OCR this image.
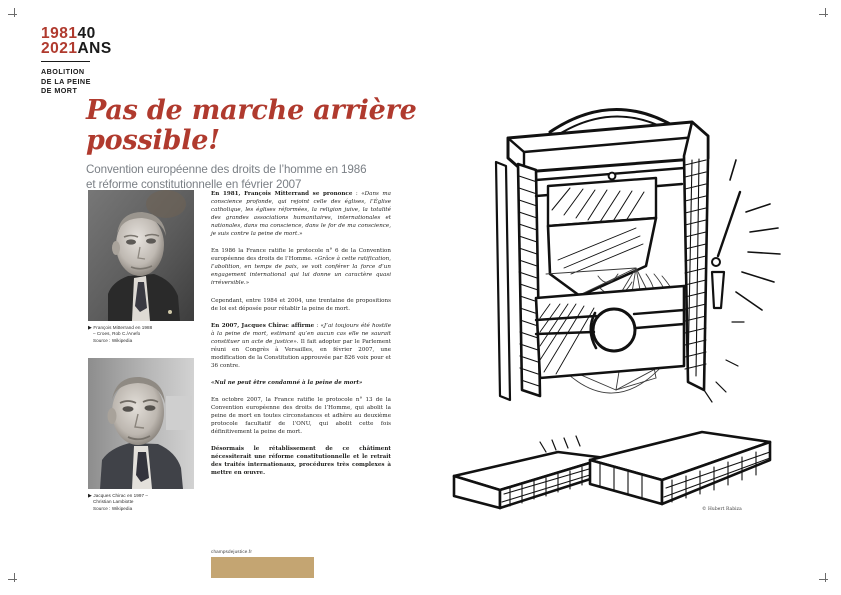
198140
2021ANS
ABOLITION
DE LA PEINE
DE MORT
Pas de marche arrière possible!
Convention européenne des droits de l’homme en 1986
et réforme constitutionnelle en février 2007
▶ François Mitterrand en 1988
– Croes, Rob C./Anefo
Source : Wikipedia
▶ Jacques Chirac en 1997 –
Christian Lambiotte
Source : Wikipedia

En 1981, François Mitterrand se prononce : «Dans ma conscience profonde, qui rejoint celle des églises, l’Église catholique, les églises réformées, la religion juive, la totalité des grandes associations humanitaires, internationales et nationales, dans ma conscience, dans le for de ma conscience, je suis contre la peine de mort.»

En 1986 la France ratifie le protocole n° 6 de la Convention européenne des droits de l’Homme. «Grâce à cette ratification, l’abolition, en temps de paix, se voit conférer la force d’un engagement international qui lui donne un caractère quasi irréversible.»

Cependant, entre 1984 et 2004, une trentaine de propositions de loi est déposée pour rétablir la peine de mort.

En 2007, Jacques Chirac affirme : «J’ai toujours été hostile à la peine de mort, estimant qu’en aucun cas elle ne saurait constituer un acte de justice». Il fait adopter par le Parlement réuni en Congrès à Versailles, en février 2007, une modification de la Constitution approuvée par 826 voix pour et 36 contre.

«Nul ne peut être condamné à la peine de mort»

En octobre 2007, la France ratifie le protocole n° 13 de la Convention européenne des droits de l’Homme, qui abolit la peine de mort en toutes circonstances et adhère au deuxième protocole facultatif de l’ONU, qui abolit cette fois définitivement la peine de mort.

Désormais le rétablissement de ce châtiment nécessiterait une réforme constitutionnelle et le retrait des traités internationaux, procédures très complexes à mettre en œuvre.

champsdejustice.fr
© Hubert Rabiza
